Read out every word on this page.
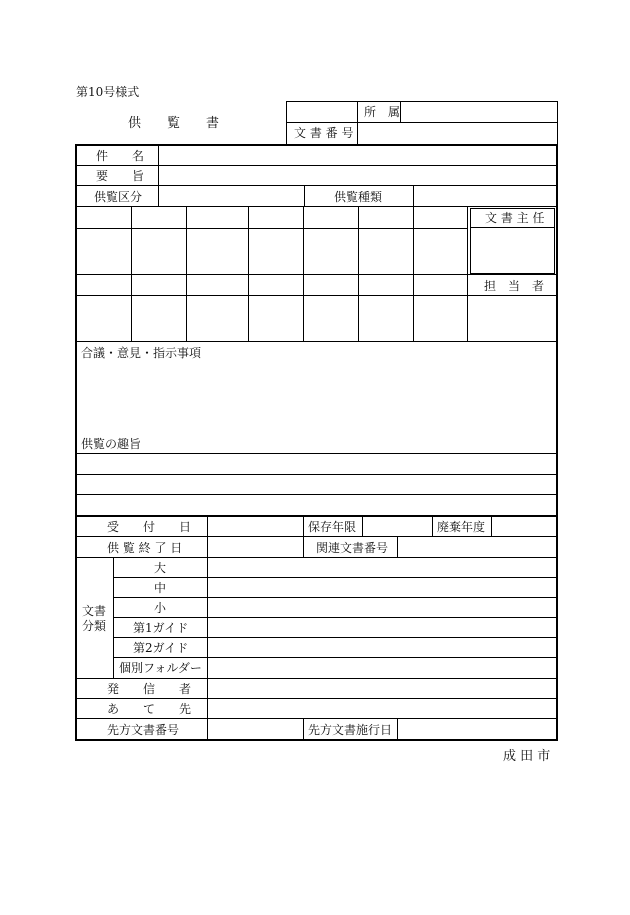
第10号様式
供　　覧　　書
所　属
文 書 番 号
件　　名
要　　旨
供覧区分	供覧種類
文 書 主 任
担　当　者
合議・意見・指示事項
供覧の趣旨
受　　付　　日	保存年限	廃棄年度
供 覧 終 了 日	関連文書番号
文書
分類
大
中
小
第1ガイド
第2ガイド
個別フォルダー
発　　信　　者
あ　　て　　先
先方文書番号	先方文書施行日
成 田 市
